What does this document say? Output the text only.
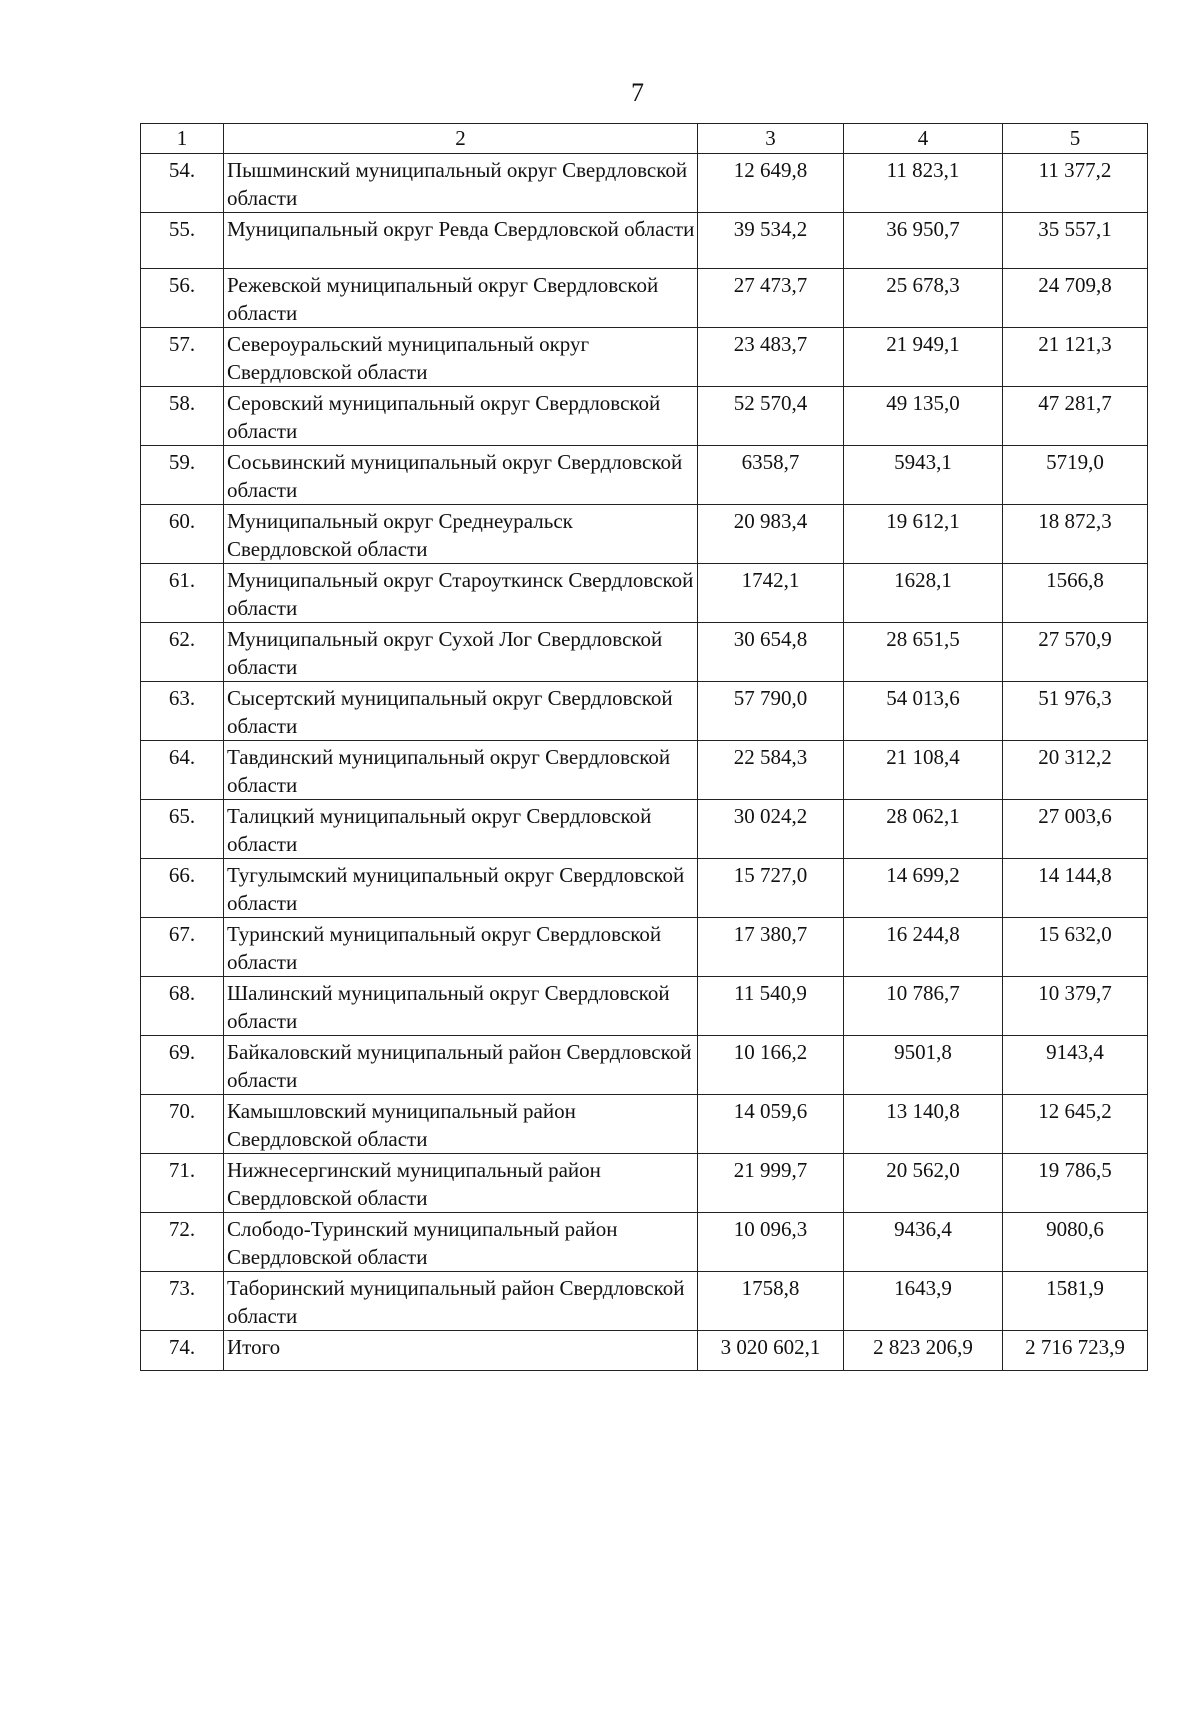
7
1	2	3	4	5
54.	Пышминский муниципальный округ Свердловской области	12 649,8	11 823,1	11 377,2
55.	Муниципальный округ Ревда Свердловской области	39 534,2	36 950,7	35 557,1
56.	Режевской муниципальный округ Свердловской области	27 473,7	25 678,3	24 709,8
57.	Североуральский муниципальный округ Свердловской области	23 483,7	21 949,1	21 121,3
58.	Серовский муниципальный округ Свердловской области	52 570,4	49 135,0	47 281,7
59.	Сосьвинский муниципальный округ Свердловской области	6358,7	5943,1	5719,0
60.	Муниципальный округ Среднеуральск Свердловской области	20 983,4	19 612,1	18 872,3
61.	Муниципальный округ Староуткинск Свердловской области	1742,1	1628,1	1566,8
62.	Муниципальный округ Сухой Лог Свердловской области	30 654,8	28 651,5	27 570,9
63.	Сысертский муниципальный округ Свердловской области	57 790,0	54 013,6	51 976,3
64.	Тавдинский муниципальный округ Свердловской области	22 584,3	21 108,4	20 312,2
65.	Талицкий муниципальный округ Свердловской области	30 024,2	28 062,1	27 003,6
66.	Тугулымский муниципальный округ Свердловской области	15 727,0	14 699,2	14 144,8
67.	Туринский муниципальный округ Свердловской области	17 380,7	16 244,8	15 632,0
68.	Шалинский муниципальный округ Свердловской области	11 540,9	10 786,7	10 379,7
69.	Байкаловский муниципальный район Свердловской области	10 166,2	9501,8	9143,4
70.	Камышловский муниципальный район Свердловской области	14 059,6	13 140,8	12 645,2
71.	Нижнесергинский муниципальный район Свердловской области	21 999,7	20 562,0	19 786,5
72.	Слободо-Туринский муниципальный район Свердловской области	10 096,3	9436,4	9080,6
73.	Таборинский муниципальный район Свердловской области	1758,8	1643,9	1581,9
74.	Итого	3 020 602,1	2 823 206,9	2 716 723,9
